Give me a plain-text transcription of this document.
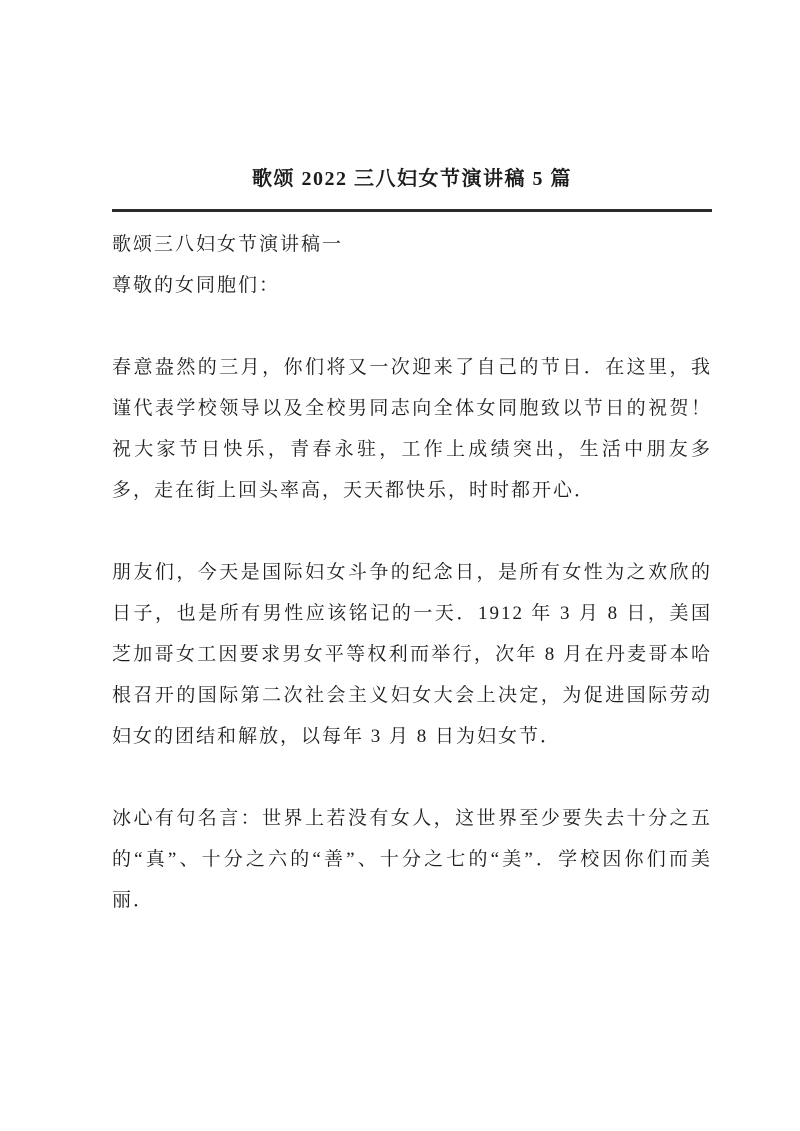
歌颂 2022 三八妇女节演讲稿 5 篇

歌颂三八妇女节演讲稿一

尊敬的女同胞们：

春意盎然的三月，你们将又一次迎来了自己的节日．在这里，我谨代表学校领导以及全校男同志向全体女同胞致以节日的祝贺！祝大家节日快乐，青春永驻，工作上成绩突出，生活中朋友多多，走在街上回头率高，天天都快乐，时时都开心．

朋友们，今天是国际妇女斗争的纪念日，是所有女性为之欢欣的日子，也是所有男性应该铭记的一天．1912 年 3 月 8 日，美国芝加哥女工因要求男女平等权利而举行，次年 8 月在丹麦哥本哈根召开的国际第二次社会主义妇女大会上决定，为促进国际劳动妇女的团结和解放，以每年 3 月 8 日为妇女节．

冰心有句名言：世界上若没有女人，这世界至少要失去十分之五的“真”、十分之六的“善”、十分之七的“美”．学校因你们而美丽．
